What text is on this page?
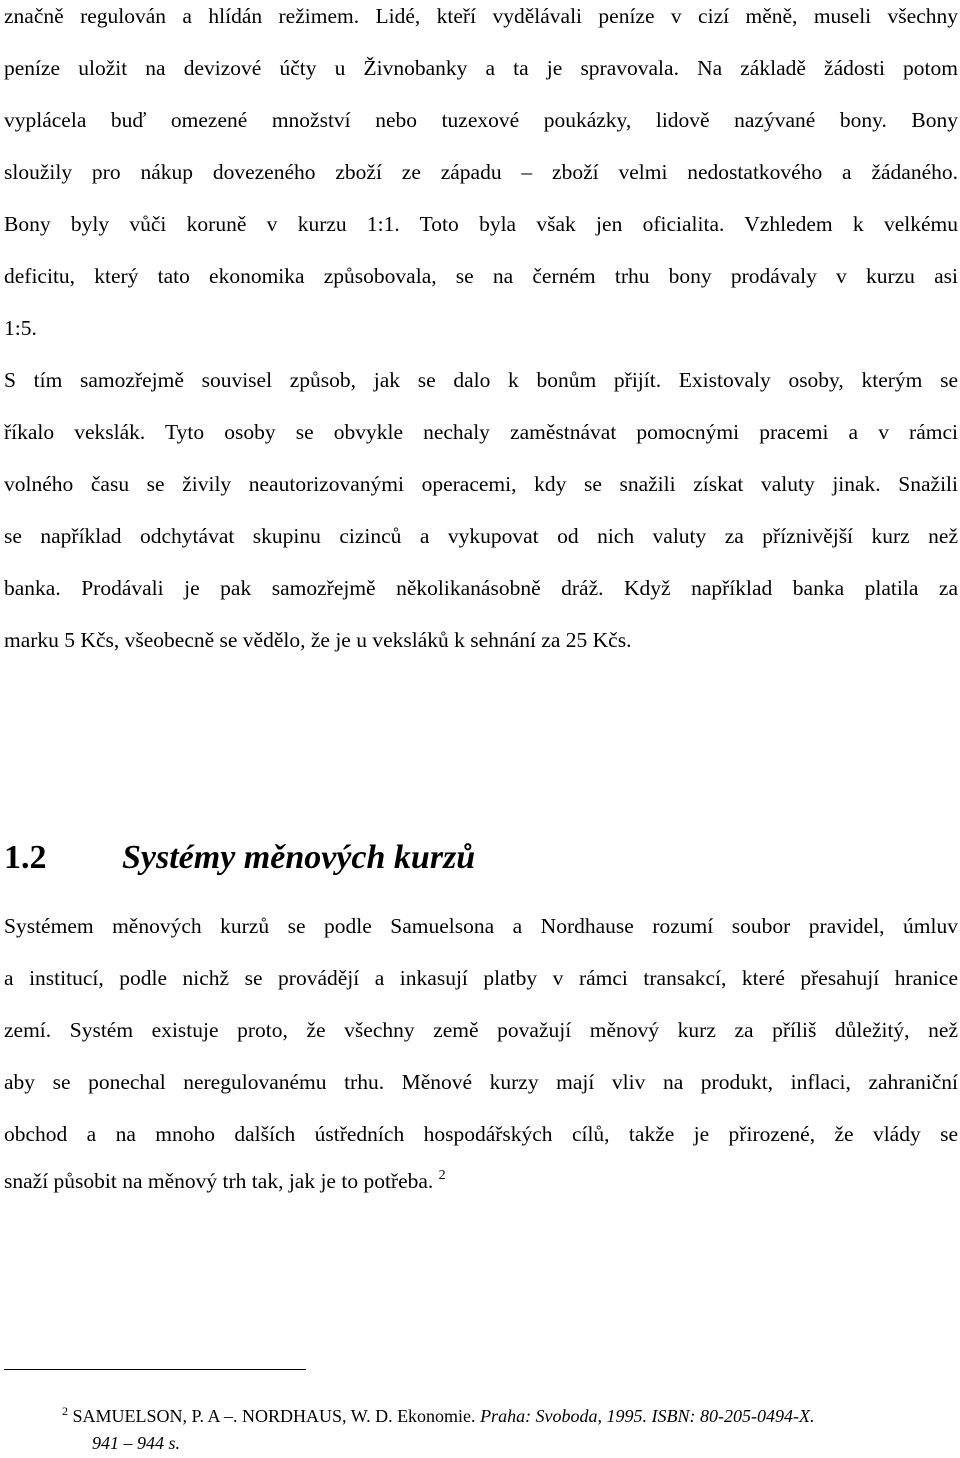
značně regulován a hlídán režimem. Lidé, kteří vydělávali peníze v cizí měně, museli všechny
peníze uložit na devizové účty u Živnobanky a ta je spravovala. Na základě žádosti potom
vyplácela buď omezené množství nebo tuzexové poukázky, lidově nazývané bony. Bony
sloužily pro nákup dovezeného zboží ze západu – zboží velmi nedostatkového a žádaného.
Bony byly vůči koruně v kurzu 1:1. Toto byla však jen oficialita. Vzhledem k velkému
deficitu, který tato ekonomika způsobovala, se na černém trhu bony prodávaly v kurzu asi
1:5.
S tím samozřejmě souvisel způsob, jak se dalo k bonům přijít. Existovaly osoby, kterým se
říkalo vekslák. Tyto osoby se obvykle nechaly zaměstnávat pomocnými pracemi a v rámci
volného času se živily neautorizovanými operacemi, kdy se snažili získat valuty jinak. Snažili
se například odchytávat skupinu cizinců a vykupovat od nich valuty za příznivější kurz než
banka. Prodávali je pak samozřejmě několikanásobně dráž. Když například banka platila za
marku 5 Kčs, všeobecně se vědělo, že je u veksláků k sehnání za 25 Kčs.
1.2 Systémy měnových kurzů
Systémem měnových kurzů se podle Samuelsona a Nordhause rozumí soubor pravidel, úmluv
a institucí, podle nichž se provádějí a inkasují platby v rámci transakcí, které přesahují hranice
zemí. Systém existuje proto, že všechny země považují měnový kurz za příliš důležitý, než
aby se ponechal neregulovanému trhu. Měnové kurzy mají vliv na produkt, inflaci, zahraniční
obchod a na mnoho dalších ústředních hospodářských cílů, takže je přirozené, že vlády se
snaží působit na měnový trh tak, jak je to potřeba. $^2$
$^2$ SAMUELSON, P. A –. NORDHAUS, W. D. Ekonomie. Praha: Svoboda, 1995. ISBN: 80-205-0494-X.
941 – 944 s.
